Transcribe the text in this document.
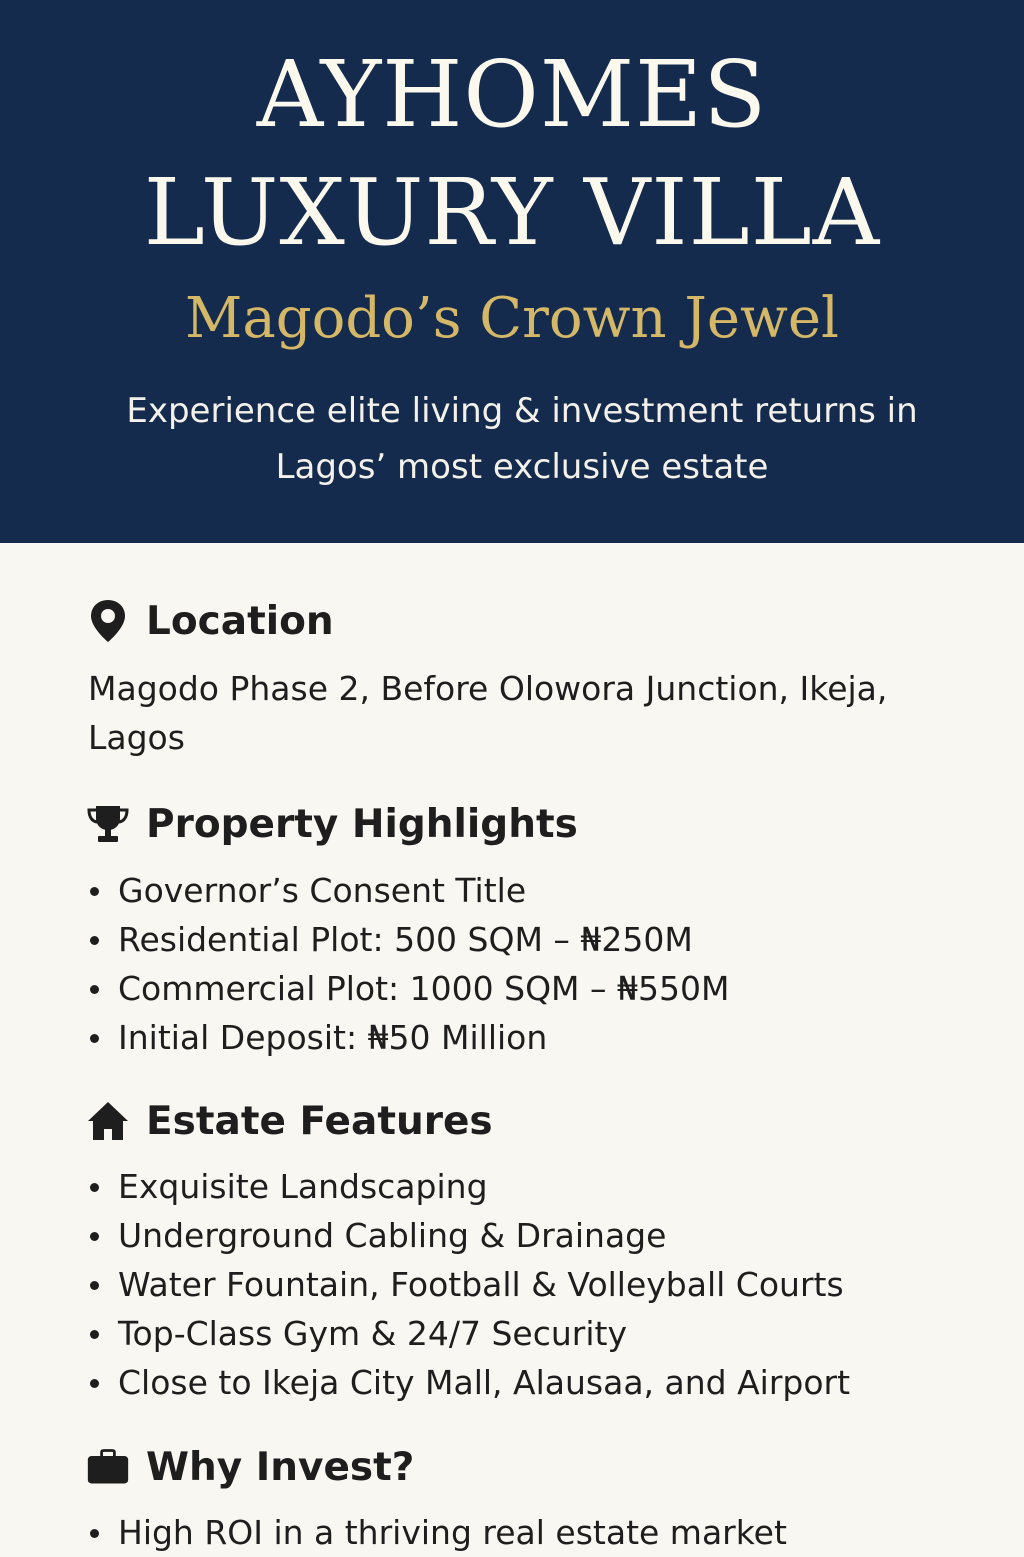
AYHOMES
LUXURY VILLA
Magodo’s Crown Jewel
Experience elite living & investment returns in Lagos’ most exclusive estate
Location
Magodo Phase 2, Before Olowora Junction, Ikeja, Lagos
Property Highlights
Governor’s Consent Title
Residential Plot: 500 SQM – ₦250M
Commercial Plot: 1000 SQM – ₦550M
Initial Deposit: ₦50 Million
Estate Features
Exquisite Landscaping
Underground Cabling & Drainage
Water Fountain, Football & Volleyball Courts
Top-Class Gym & 24/7 Security
Close to Ikeja City Mall, Alausaa, and Airport
Why Invest?
High ROI in a thriving real estate market
